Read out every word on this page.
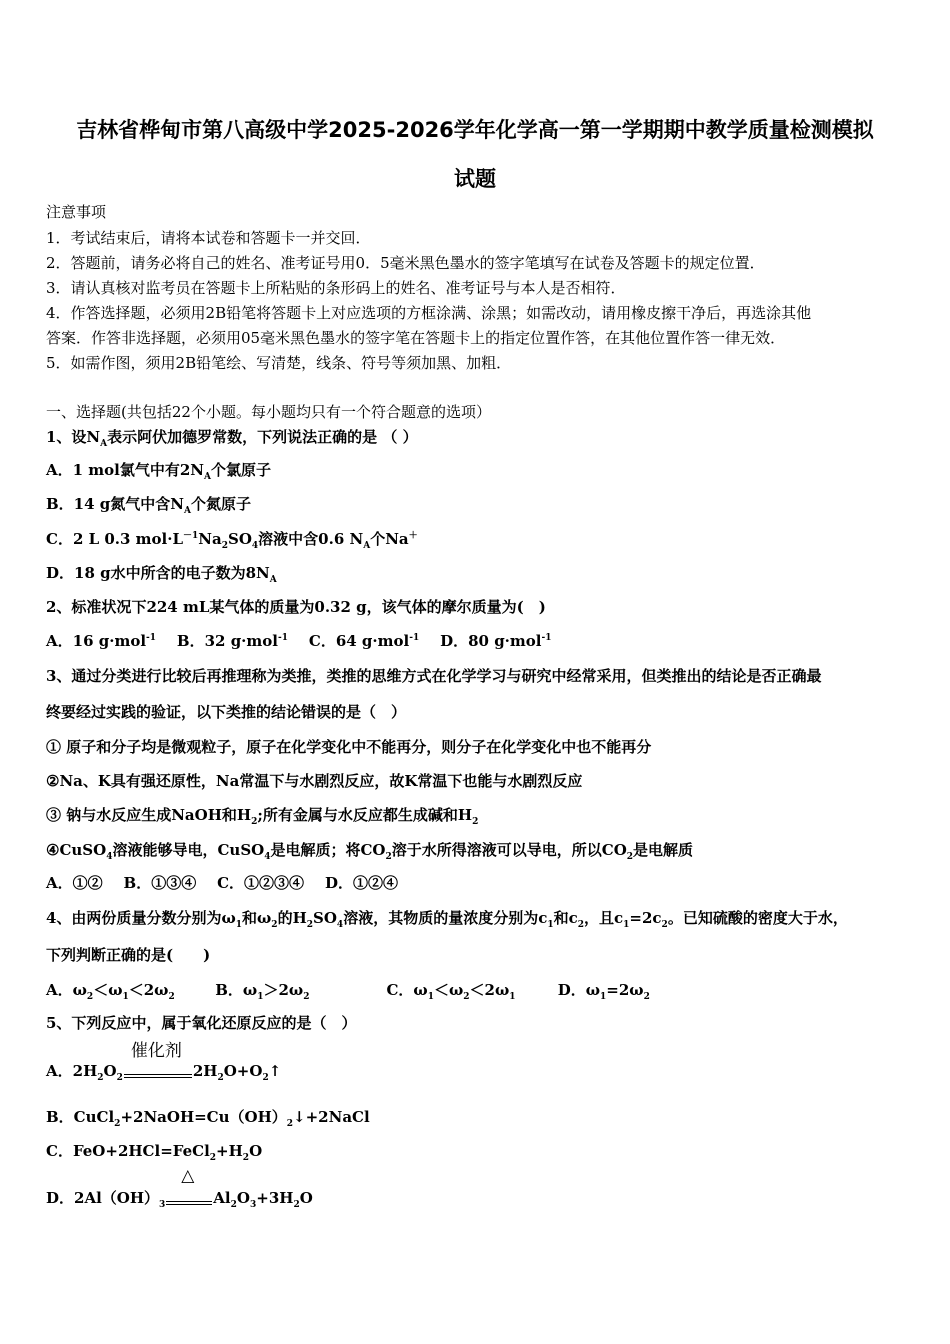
吉林省桦甸市第八高级中学2025-2026学年化学高一第一学期期中教学质量检测模拟
试题
注意事项
1．考试结束后，请将本试卷和答题卡一并交回．
2．答题前，请务必将自己的姓名、准考证号用0．5毫米黑色墨水的签字笔填写在试卷及答题卡的规定位置．
3．请认真核对监考员在答题卡上所粘贴的条形码上的姓名、准考证号与本人是否相符．
4．作答选择题，必须用2B铅笔将答题卡上对应选项的方框涂满、涂黑；如需改动，请用橡皮擦干净后，再选涂其他
答案．作答非选择题，必须用05毫米黑色墨水的签字笔在答题卡上的指定位置作答，在其他位置作答一律无效．
5．如需作图，须用2B铅笔绘、写清楚，线条、符号等须加黑、加粗．
一、选择题(共包括22个小题。每小题均只有一个符合题意的选项）
1、设$N_A$表示阿伏加德罗常数，下列说法正确的是 （ ）
A．1 mol氯气中有$2N_A$个氯原子
B．14 g氮气中含$N_A$个氮原子
C．2 L 0.3 $mol\cdot L^{-1}Na_2SO_4$溶液中含0.6 $N_A$个Na＋
D．18 g水中所含的电子数为$8N_A$
2、标准状况下224 mL某气体的质量为0.32 g，该气体的摩尔质量为(　)
A．16 g·mol$^{-1}$ B．32 g·mol$^{-1}$ C．64 g·mol$^{-1}$ D．80 g·mol$^{-1}$
3、通过分类进行比较后再推理称为类推，类推的思维方式在化学学习与研究中经常采用，但类推出的结论是否正确最
终要经过实践的验证，以下类推的结论错误的是（　）
① 原子和分子均是微观粒子，原子在化学变化中不能再分，则分子在化学变化中也不能再分
②Na、K具有强还原性，Na常温下与水剧烈反应，故K常温下也能与水剧烈反应
③ 钠与水反应生成NaOH和$H_2$;所有金属与水反应都生成碱和$H_2$
④CuSO$_4$溶液能够导电，CuSO$_4$是电解质；将$CO_2$溶于水所得溶液可以导电，所以$CO_2$是电解质
A．①② B．①③④ C．①②③④ D．①②④
4、由两份质量分数分别为$\omega_1$和$\omega_2$的$H_2SO_4$溶液，其物质的量浓度分别为$c_1$和$c_2$，且$c_1=2c_2$。已知硫酸的密度大于水，
下列判断正确的是(　　)
A．$\omega_2<\omega_1<2\omega_2$	B．$\omega_1>2\omega_2$	C．$\omega_1<\omega_2<2\omega_1$	D．$\omega_1=2\omega_2$
5、下列反应中，属于氧化还原反应的是（　）
A．$2H_2O_2$
催化剂
$2H_2O+O_2↑$
B．$CuCl_2+2NaOH=Cu(OH)_2↓+2NaCl$
C．$FeO+2HCl=FeCl_2+H_2O$
D．$2Al(OH)_3$
△
$Al_2O_3+3H_2O$
